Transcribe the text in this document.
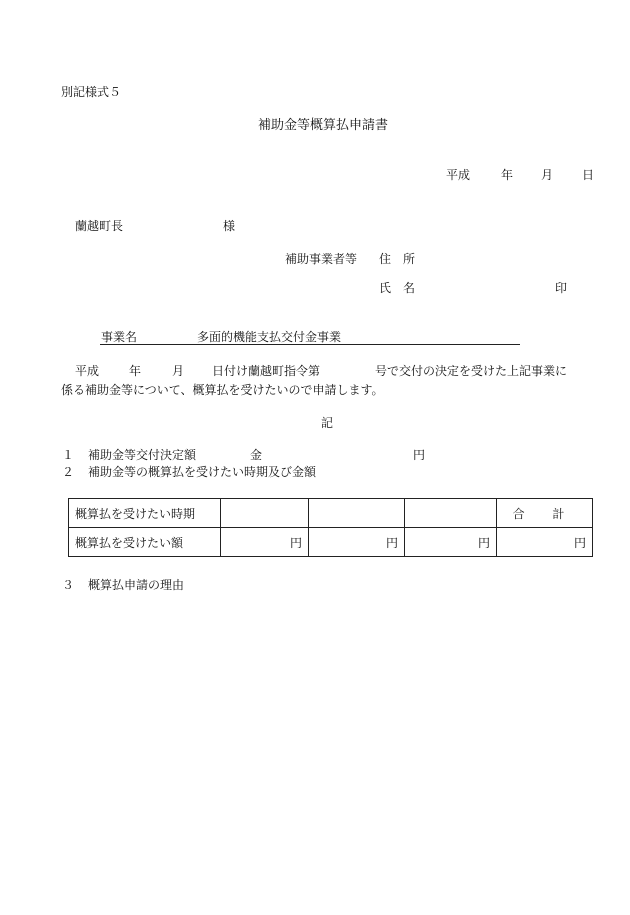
別記様式５
補助金等概算払申請書
平成	年 月 日
蘭越町長	様
補助事業者等 住　所
氏　名	印
事業名	多面的機能支払交付金事業
平成 年	月 日付け蘭越町指令第	号で交付の決定を受けた上記事業に
係る補助金等について、概算払を受けたいので申請します。
記
１ 補助金等交付決定額	金	円
２ 補助金等の概算払を受けたい時期及び金額
概算払を受けたい時期				合 計
概算払を受けたい額	円	円	円	円
３ 概算払申請の理由
